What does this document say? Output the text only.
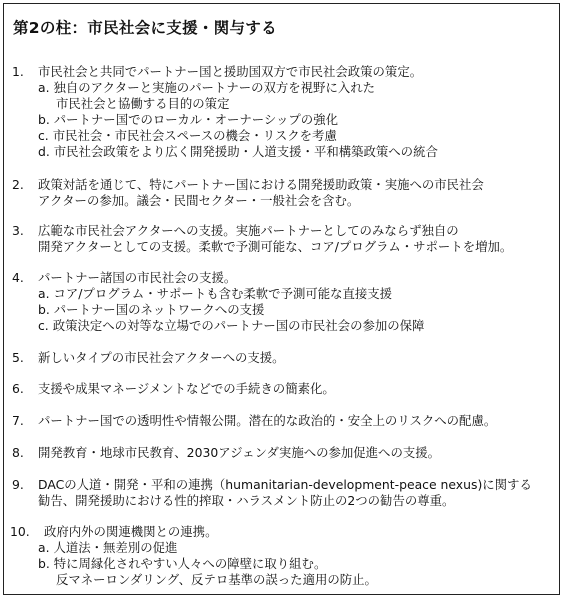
第2の柱：市民社会に支援・関与する
1. 市民社会と共同でパートナー国と援助国双方で市民社会政策の策定。
a. 独自のアクターと実施のパートナーの双方を視野に入れた
市民社会と協働する目的の策定
b. パートナー国でのローカル・オーナーシップの強化
c. 市民社会・市民社会スペースの機会・リスクを考慮
d. 市民社会政策をより広く開発援助・人道支援・平和構築政策への統合
2. 政策対話を通じて、特にパートナー国における開発援助政策・実施への市民社会
アクターの参加。議会・民間セクター・一般社会を含む。
3. 広範な市民社会アクターへの支援。実施パートナーとしてのみならず独自の
開発アクターとしての支援。柔軟で予測可能な、コア/プログラム・サポートを増加。
4. パートナー諸国の市民社会の支援。
a. コア/プログラム・サポートも含む柔軟で予測可能な直接支援
b. パートナー国のネットワークへの支援
c. 政策決定への対等な立場でのパートナー国の市民社会の参加の保障
5. 新しいタイプの市民社会アクターへの支援。
6. 支援や成果マネージメントなどでの手続きの簡素化。
7. パートナー国での透明性や情報公開。潜在的な政治的・安全上のリスクへの配慮。
8. 開発教育・地球市民教育、2030アジェンダ実施への参加促進への支援。
9. DACの人道・開発・平和の連携（humanitarian-development-peace nexus)に関する
勧告、開発援助における性的搾取・ハラスメント防止の2つの勧告の尊重。
10. 政府内外の関連機関との連携。
a. 人道法・無差別の促進
b. 特に周縁化されやすい人々への障壁に取り組む。
反マネーロンダリング、反テロ基準の誤った適用の防止。
